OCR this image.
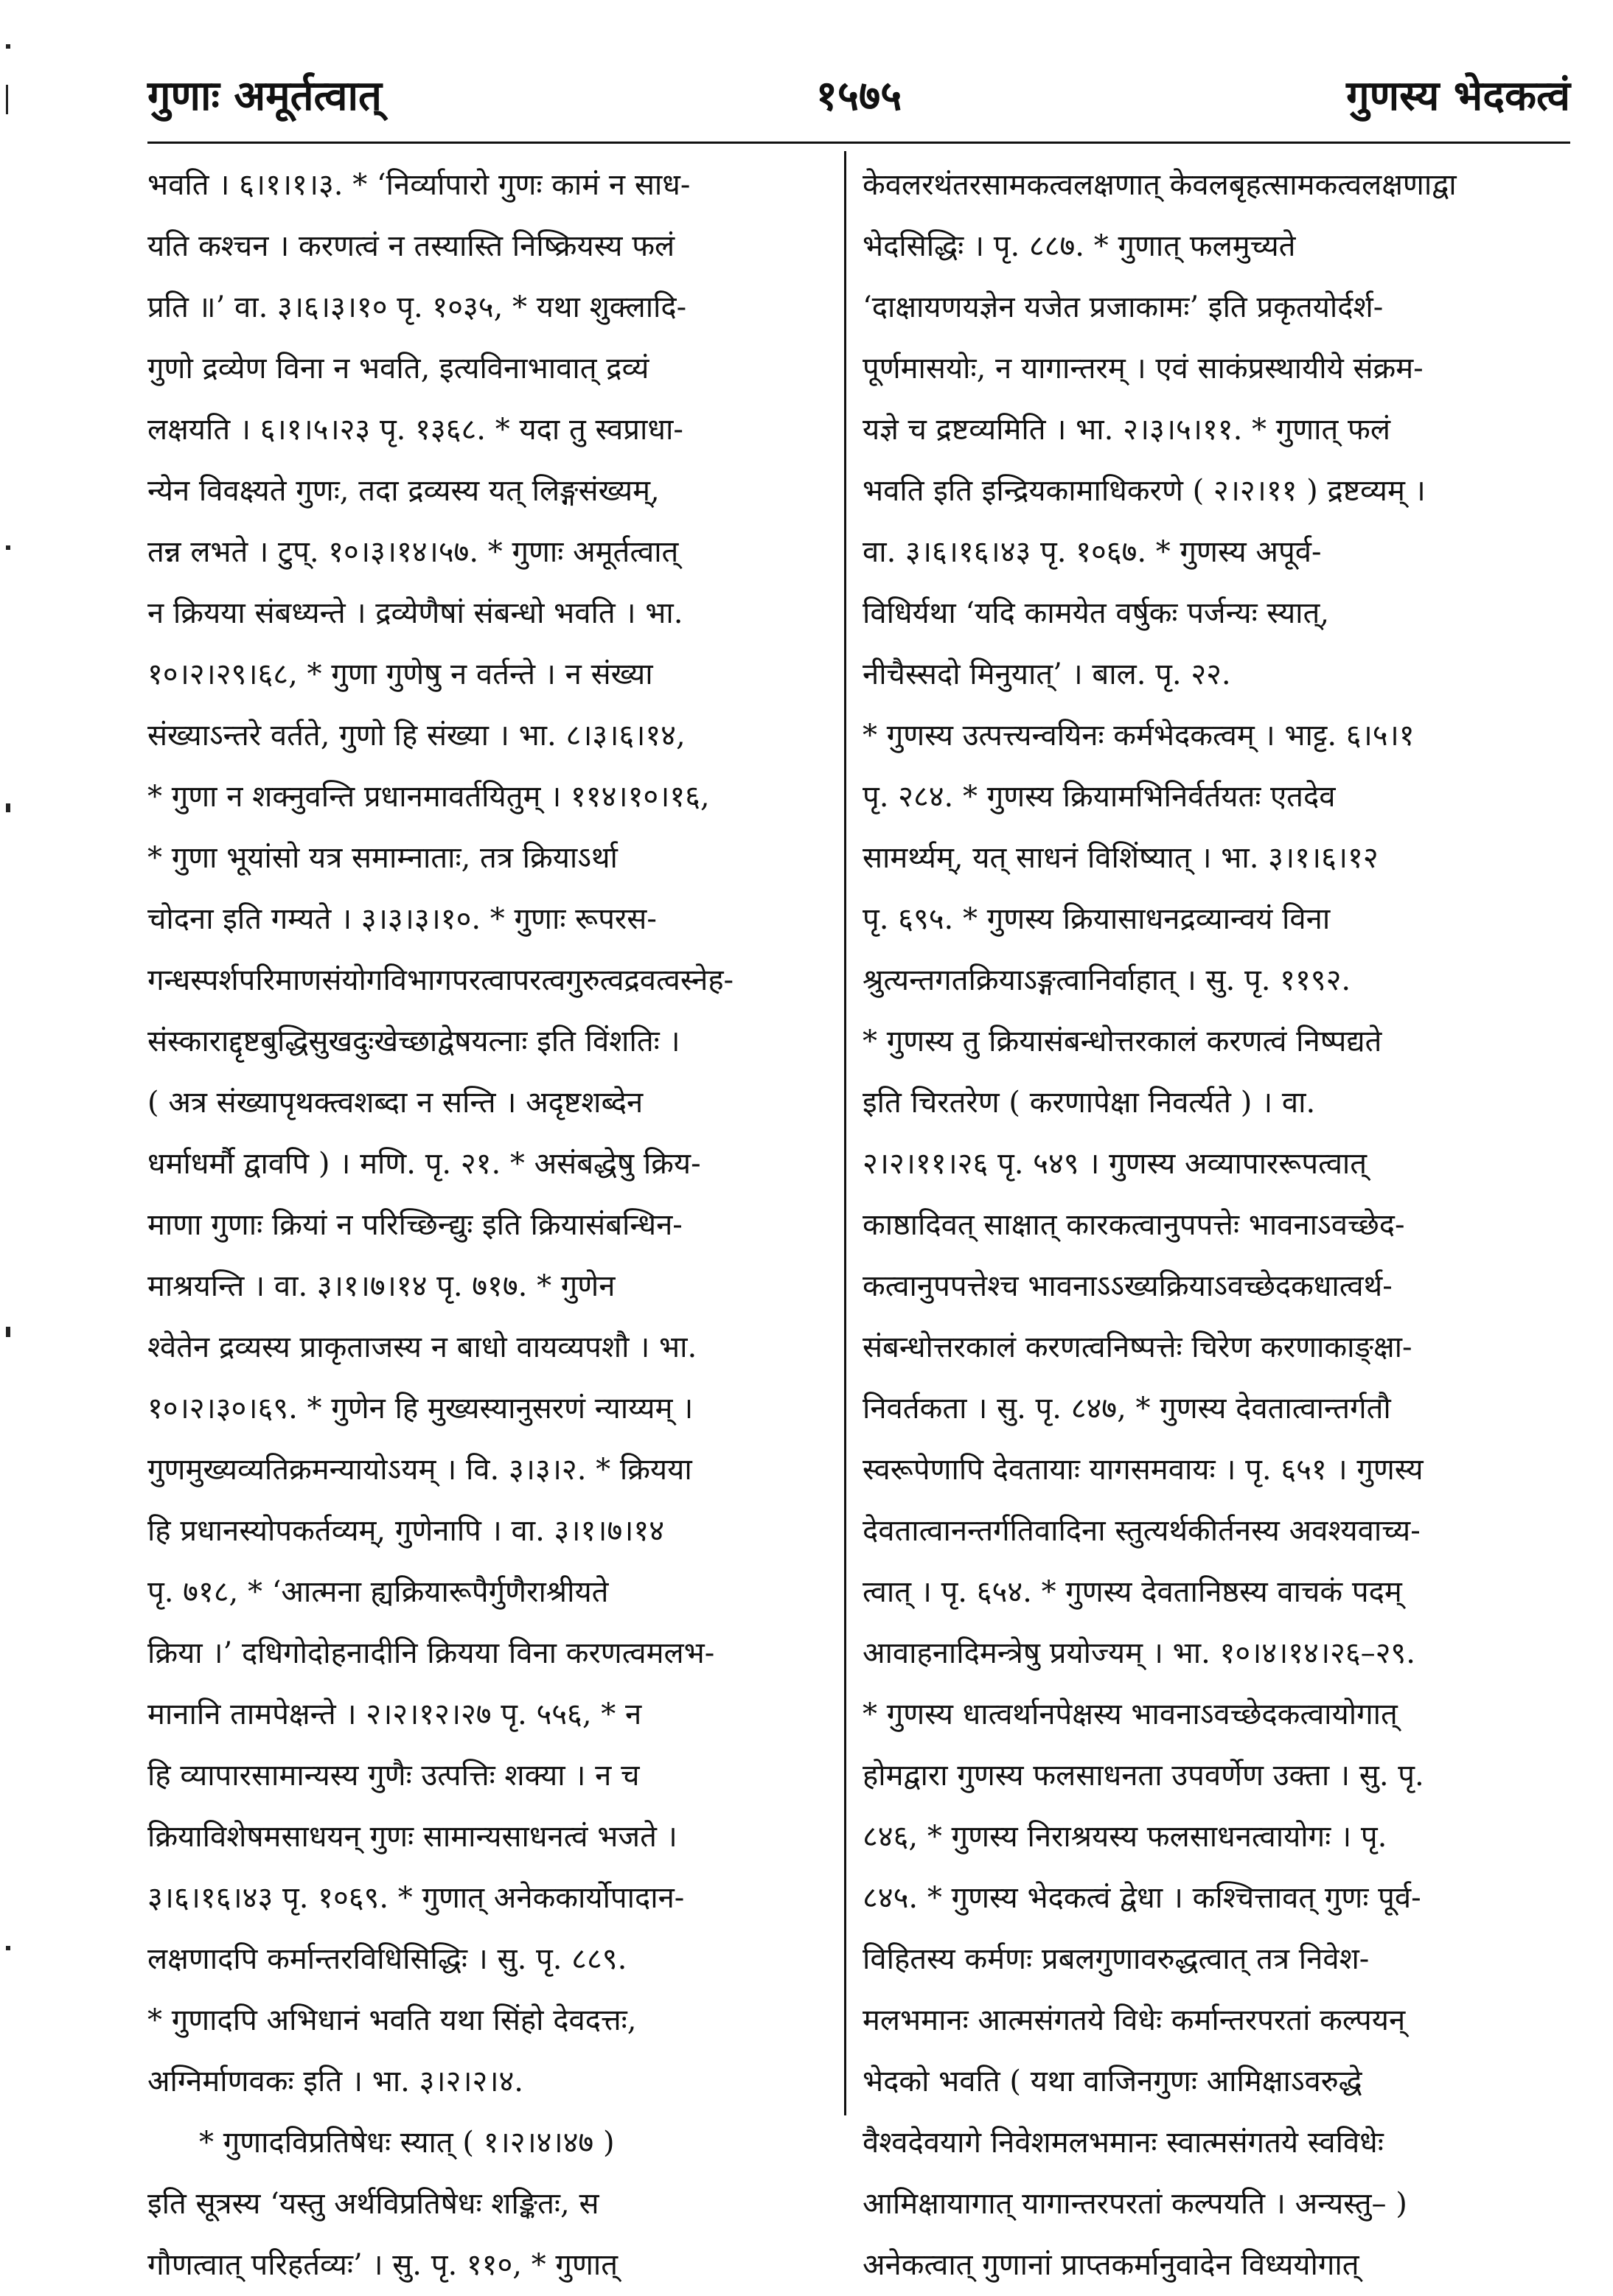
गुणाः अमूर्तत्वात्	१५७५	गुणस्य भेदकत्वं
भवति । ६।१।१।३. * ‘निर्व्यापारो गुणः कामं न साध-
यति कश्चन । करणत्वं न तस्यास्ति निष्क्रियस्य फलं
प्रति ॥’ वा. ३।६।३।१० पृ. १०३५, * यथा शुक्लादि-
गुणो द्रव्येण विना न भवति, इत्यविनाभावात् द्रव्यं
लक्षयति । ६।१।५।२३ पृ. १३६८. * यदा तु स्वप्राधा-
न्येन विवक्ष्यते गुणः, तदा द्रव्यस्य यत् लिङ्गसंख्यम्,
तन्न लभते । टुप्. १०।३।१४।५७. * गुणाः अमूर्तत्वात्
न क्रियया संबध्यन्ते । द्रव्येणैषां संबन्धो भवति । भा.
१०।२।२९।६८, * गुणा गुणेषु न वर्तन्ते । न संख्या
संख्याऽन्तरे वर्तते, गुणो हि संख्या । भा. ८।३।६।१४,
* गुणा न शक्नुवन्ति प्रधानमावर्तयितुम् । ११४।१०।१६,
* गुणा भूयांसो यत्र समाम्नाताः, तत्र क्रियाऽर्था
चोदना इति गम्यते । ३।३।३।१०. * गुणाः रूपरस-
गन्धस्पर्शपरिमाणसंयोगविभागपरत्वापरत्वगुरुत्वद्रवत्वस्नेह-
संस्काराद्दृष्टबुद्धिसुखदुःखेच्छाद्वेषयत्नाः इति विंशतिः ।
( अत्र संख्यापृथक्त्वशब्दा न सन्ति । अदृष्टशब्देन
धर्माधर्मौ द्वावपि ) । मणि. पृ. २१. * असंबद्धेषु क्रिय-
माणा गुणाः क्रियां न परिच्छिन्द्युः इति क्रियासंबन्धिन-
माश्रयन्ति । वा. ३।१।७।१४ पृ. ७१७. * गुणेन
श्वेतेन द्रव्यस्य प्राकृताजस्य न बाधो वायव्यपशौ । भा.
१०।२।३०।६९. * गुणेन हि मुख्यस्यानुसरणं न्याय्यम् ।
गुणमुख्यव्यतिक्रमन्यायोऽयम् । वि. ३।३।२. * क्रियया
हि प्रधानस्योपकर्तव्यम्, गुणेनापि । वा. ३।१।७।१४
पृ. ७१८, * ‘आत्मना ह्यक्रियारूपैर्गुणैराश्रीयते
क्रिया ।’ दधिगोदोहनादीनि क्रियया विना करणत्वमलभ-
मानानि तामपेक्षन्ते । २।२।१२।२७ पृ. ५५६, * न
हि व्यापारसामान्यस्य गुणैः उत्पत्तिः शक्या । न च
क्रियाविशेषमसाधयन् गुणः सामान्यसाधनत्वं भजते ।
३।६।१६।४३ पृ. १०६९. * गुणात् अनेककार्योपादान-
लक्षणादपि कर्मान्तरविधिसिद्धिः । सु. पृ. ८८९.
* गुणादपि अभिधानं भवति यथा सिंहो देवदत्तः,
अग्निर्माणवकः इति । भा. ३।२।२।४.
* गुणादविप्रतिषेधः स्यात् ( १।२।४।४७ )
इति सूत्रस्य ‘यस्तु अर्थविप्रतिषेधः शङ्कितः, स
गौणत्वात् परिहर्तव्यः’ । सु. पृ. ११०, * गुणात्
केवलरथंतरसामकत्वलक्षणात् केवलबृहत्सामकत्वलक्षणाद्वा
भेदसिद्धिः । पृ. ८८७. * गुणात् फलमुच्यते
‘दाक्षायणयज्ञेन यजेत प्रजाकामः’ इति प्रकृतयोर्दर्श-
पूर्णमासयोः, न यागान्तरम् । एवं साकंप्रस्थायीये संक्रम-
यज्ञे च द्रष्टव्यमिति । भा. २।३।५।११. * गुणात् फलं
भवति इति इन्द्रियकामाधिकरणे ( २।२।११ ) द्रष्टव्यम् ।
वा. ३।६।१६।४३ पृ. १०६७. * गुणस्य अपूर्व-
विधिर्यथा ‘यदि कामयेत वर्षुकः पर्जन्यः स्यात्,
नीचैस्सदो मिनुयात्’ । बाल. पृ. २२.
* गुणस्य उत्पत्त्यन्वयिनः कर्मभेदकत्वम् । भाट्ट. ६।५।१
पृ. २८४. * गुणस्य क्रियामभिनिर्वर्तयतः एतदेव
सामर्थ्यम्, यत् साधनं विशिंष्यात् । भा. ३।१।६।१२
पृ. ६९५. * गुणस्य क्रियासाधनद्रव्यान्वयं विना
श्रुत्यन्तगतक्रियाऽङ्गत्वानिर्वाहात् । सु. पृ. ११९२.
* गुणस्य तु क्रियासंबन्धोत्तरकालं करणत्वं निष्पद्यते
इति चिरतरेण ( करणापेक्षा निवर्त्यते ) । वा.
२।२।११।२६ पृ. ५४९ । गुणस्य अव्यापाररूपत्वात्
काष्ठादिवत् साक्षात् कारकत्वानुपपत्तेः भावनाऽवच्छेद-
कत्वानुपपत्तेश्च भावनाऽऽख्यक्रियाऽवच्छेदकधात्वर्थ-
संबन्धोत्तरकालं करणत्वनिष्पत्तेः चिरेण करणाकाङ्क्षा-
निवर्तकता । सु. पृ. ८४७, * गुणस्य देवतात्वान्तर्गतौ
स्वरूपेणापि देवतायाः यागसमवायः । पृ. ६५१ । गुणस्य
देवतात्वानन्तर्गतिवादिना स्तुत्यर्थकीर्तनस्य अवश्यवाच्य-
त्वात् । पृ. ६५४. * गुणस्य देवतानिष्ठस्य वाचकं पदम्
आवाहनादिमन्त्रेषु प्रयोज्यम् । भा. १०।४।१४।२६–२९.
* गुणस्य धात्वर्थानपेक्षस्य भावनाऽवच्छेदकत्वायोगात्
होमद्वारा गुणस्य फलसाधनता उपवर्णेण उक्ता । सु. पृ.
८४६, * गुणस्य निराश्रयस्य फलसाधनत्वायोगः । पृ.
८४५. * गुणस्य भेदकत्वं द्वेधा । कश्चित्तावत् गुणः पूर्व-
विहितस्य कर्मणः प्रबलगुणावरुद्धत्वात् तत्र निवेश-
मलभमानः आत्मसंगतये विधेः कर्मान्तरपरतां कल्पयन्
भेदको भवति ( यथा वाजिनगुणः आमिक्षाऽवरुद्धे
वैश्वदेवयागे निवेशमलभमानः स्वात्मसंगतये स्वविधेः
आमिक्षायागात् यागान्तरपरतां कल्पयति । अन्यस्तु– )
अनेकत्वात् गुणानां प्राप्तकर्मानुवादेन विध्ययोगात्
